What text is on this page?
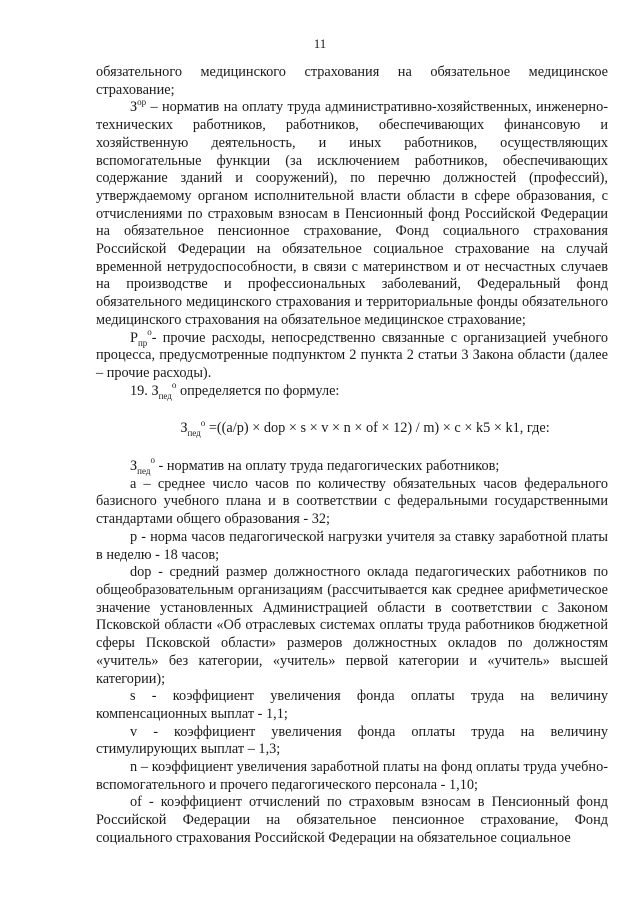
11

обязательного медицинского страхования на обязательное медицинское страхование;

$З^{ор}$ – норматив на оплату труда административно-хозяйственных, инженерно-технических работников, работников, обеспечивающих финансовую и хозяйственную деятельность, и иных работников, осуществляющих вспомогательные функции (за исключением работников, обеспечивающих содержание зданий и сооружений), по перечню должностей (профессий), утверждаемому органом исполнительной власти области в сфере образования, с отчислениями по страховым взносам в Пенсионный фонд Российской Федерации на обязательное пенсионное страхование, Фонд социального страхования Российской Федерации на обязательное социальное страхование на случай временной нетрудоспособности, в связи с материнством и от несчастных случаев на производстве и профессиональных заболеваний, Федеральный фонд обязательного медицинского страхования и территориальные фонды обязательного медицинского страхования на обязательное медицинское страхование;

$Р_{пр}^о-$ прочие расходы, непосредственно связанные с организацией учебного процесса, предусмотренные подпунктом 2 пункта 2 статьи 3 Закона области (далее – прочие расходы).

19. $З_{пед}^о$ определяется по формуле:

$З_{пед}^о =((a/p)$ × dop × s × v × n × of × 12) / m) × c × k5 × k1, где:

$З_{пед}^о$ - норматив на оплату труда педагогических работников;

а – среднее число часов по количеству обязательных часов федерального базисного учебного плана и в соответствии с федеральными государственными стандартами общего образования - 32;

р - норма часов педагогической нагрузки учителя за ставку заработной платы в неделю - 18 часов;

dop - средний размер должностного оклада педагогических работников по общеобразовательным организациям (рассчитывается как среднее арифметическое значение установленных Администрацией области в соответствии с Законом Псковской области «Об отраслевых системах оплаты труда работников бюджетной сферы Псковской области» размеров должностных окладов по должностям «учитель» без категории, «учитель» первой категории и «учитель» высшей категории);

s - коэффициент увеличения фонда оплаты труда на величину компенсационных выплат - 1,1;

v - коэффициент увеличения фонда оплаты труда на величину стимулирующих выплат – 1,3;

n – коэффициент увеличения заработной платы на фонд оплаты труда учебно-вспомогательного и прочего педагогического персонала - 1,10;

of - коэффициент отчислений по страховым взносам в Пенсионный фонд Российской Федерации на обязательное пенсионное страхование, Фонд социального страхования Российской Федерации на обязательное социальное
